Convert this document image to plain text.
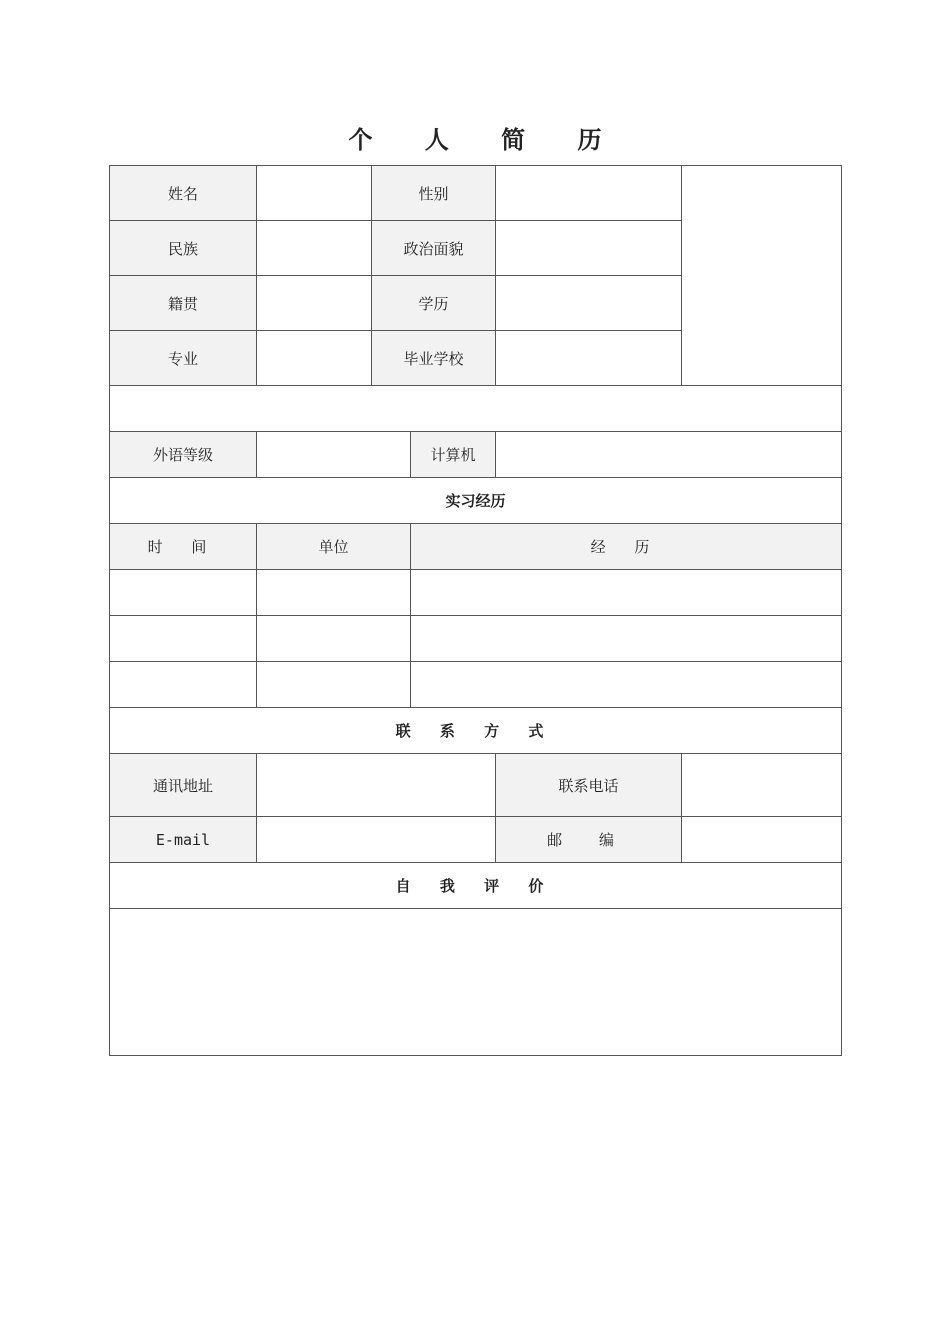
个 人 简 历
姓名		性别			
民族		政治面貌			
籍贯		学历			
专业		毕业学校			

外语等级			计算机		
实习经历					
时 间	单位		经 历		

联 系 方 式					
通讯地址				联系电话	
E-mail				邮 编	
自 我 评 价					
